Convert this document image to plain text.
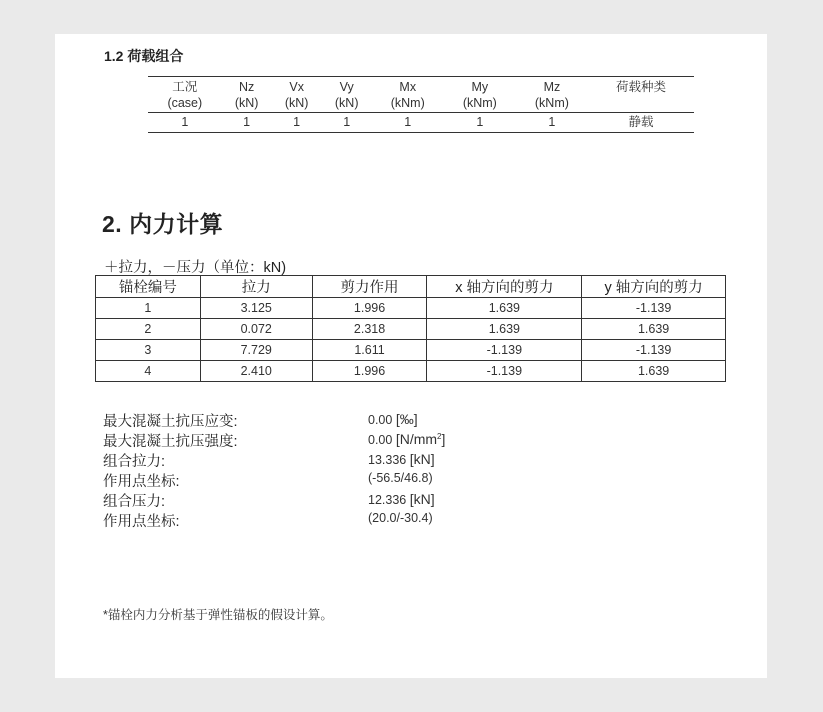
1.2 荷载组合
工况	Nz	Vx	Vy	Mx	My	Mz	荷载种类
(case)	(kN)	(kN)	(kN)	(kNm)	(kNm)	(kNm)	
1	1	1	1	1	1	1	静载
2. 内力计算
＋拉力，－压力（单位：kN)
锚栓编号	拉力	剪力作用	x 轴方向的剪力	y 轴方向的剪力
1	3.125	1.996	1.639	-1.139
2	0.072	2.318	1.639	1.639
3	7.729	1.611	-1.139	-1.139
4	2.410	1.996	-1.139	1.639
最大混凝土抗压应变:	0.00 [‰]
最大混凝土抗压强度:	0.00 $[N/mm^2]$
组合拉力:	13.336 [kN]
作用点坐标:	(-56.5/46.8)
组合压力:	12.336 [kN]
作用点坐标:	(20.0/-30.4)
*锚栓内力分析基于弹性锚板的假设计算。
